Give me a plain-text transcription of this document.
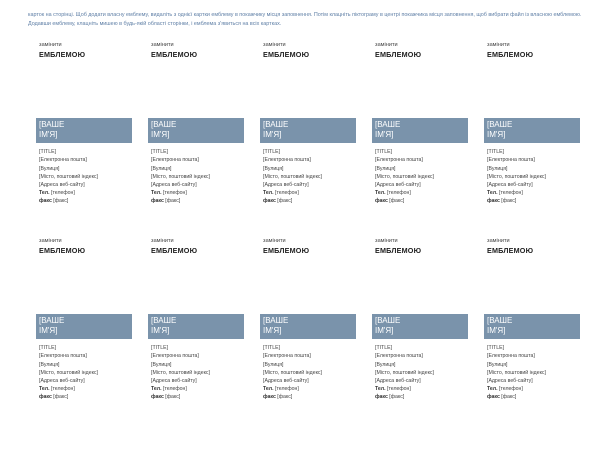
карток на сторінці. Щоб додати власну емблему, видаліть з однієї картки емблему в покажчику місця заповнення. Потім клацніть піктограму в центрі покажчика місця заповнення, щоб вибрати файл із власною емблемою.
Додавши емблему, клацніть мишею в будь-якій області сторінки, і емблема з'явиться на всіх картках.
замінити
ЕМБЛЕМОЮ
[ВАШЕ
ІМ'Я]
[TITLE]
[Електронна пошта]
[Вулиця]
[Місто, поштовий індекс]
[Адреса веб-сайту]
Тел. [телефон]
факс [факс]
замінити
ЕМБЛЕМОЮ
[ВАШЕ
ІМ'Я]
[TITLE]
[Електронна пошта]
[Вулиця]
[Місто, поштовий індекс]
[Адреса веб-сайту]
Тел. [телефон]
факс [факс]
замінити
ЕМБЛЕМОЮ
[ВАШЕ
ІМ'Я]
[TITLE]
[Електронна пошта]
[Вулиця]
[Місто, поштовий індекс]
[Адреса веб-сайту]
Тел. [телефон]
факс [факс]
замінити
ЕМБЛЕМОЮ
[ВАШЕ
ІМ'Я]
[TITLE]
[Електронна пошта]
[Вулиця]
[Місто, поштовий індекс]
[Адреса веб-сайту]
Тел. [телефон]
факс [факс]
замінити
ЕМБЛЕМОЮ
[ВАШЕ
ІМ'Я]
[TITLE]
[Електронна пошта]
[Вулиця]
[Місто, поштовий індекс]
[Адреса веб-сайту]
Тел. [телефон]
факс [факс]
замінити
ЕМБЛЕМОЮ
[ВАШЕ
ІМ'Я]
[TITLE]
[Електронна пошта]
[Вулиця]
[Місто, поштовий індекс]
[Адреса веб-сайту]
Тел. [телефон]
факс [факс]
замінити
ЕМБЛЕМОЮ
[ВАШЕ
ІМ'Я]
[TITLE]
[Електронна пошта]
[Вулиця]
[Місто, поштовий індекс]
[Адреса веб-сайту]
Тел. [телефон]
факс [факс]
замінити
ЕМБЛЕМОЮ
[ВАШЕ
ІМ'Я]
[TITLE]
[Електронна пошта]
[Вулиця]
[Місто, поштовий індекс]
[Адреса веб-сайту]
Тел. [телефон]
факс [факс]
замінити
ЕМБЛЕМОЮ
[ВАШЕ
ІМ'Я]
[TITLE]
[Електронна пошта]
[Вулиця]
[Місто, поштовий індекс]
[Адреса веб-сайту]
Тел. [телефон]
факс [факс]
замінити
ЕМБЛЕМОЮ
[ВАШЕ
ІМ'Я]
[TITLE]
[Електронна пошта]
[Вулиця]
[Місто, поштовий індекс]
[Адреса веб-сайту]
Тел. [телефон]
факс [факс]
